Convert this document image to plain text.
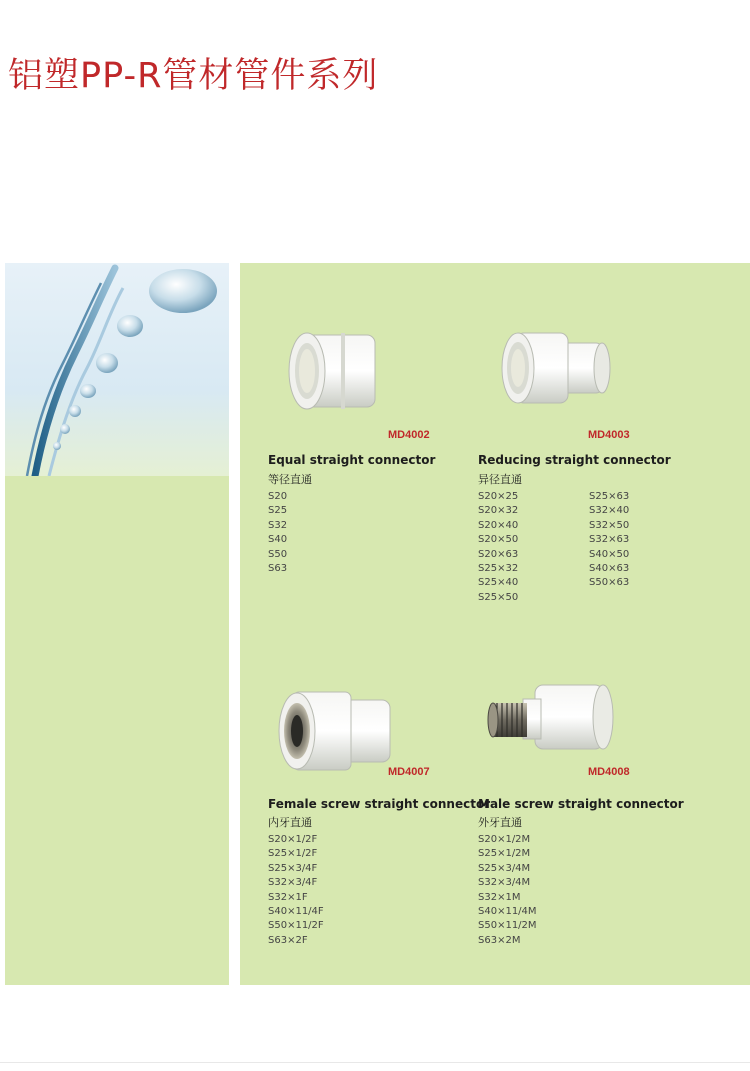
铝塑PP-R管材管件系列
MD4002
Equal straight connector
等径直通
S20
S25
S32
S40
S50
S63
MD4003
Reducing straight connector
异径直通
S20×25
S20×32
S20×40
S20×50
S20×63
S25×32
S25×40
S25×50
S25×63
S32×40
S32×50
S32×63
S40×50
S40×63
S50×63
MD4007
Female screw straight connector
内牙直通
S20×1/2F
S25×1/2F
S25×3/4F
S32×3/4F
S32×1F
S40×11/4F
S50×11/2F
S63×2F
MD4008
Male screw straight connector
外牙直通
S20×1/2M
S25×1/2M
S25×3/4M
S32×3/4M
S32×1M
S40×11/4M
S50×11/2M
S63×2M
